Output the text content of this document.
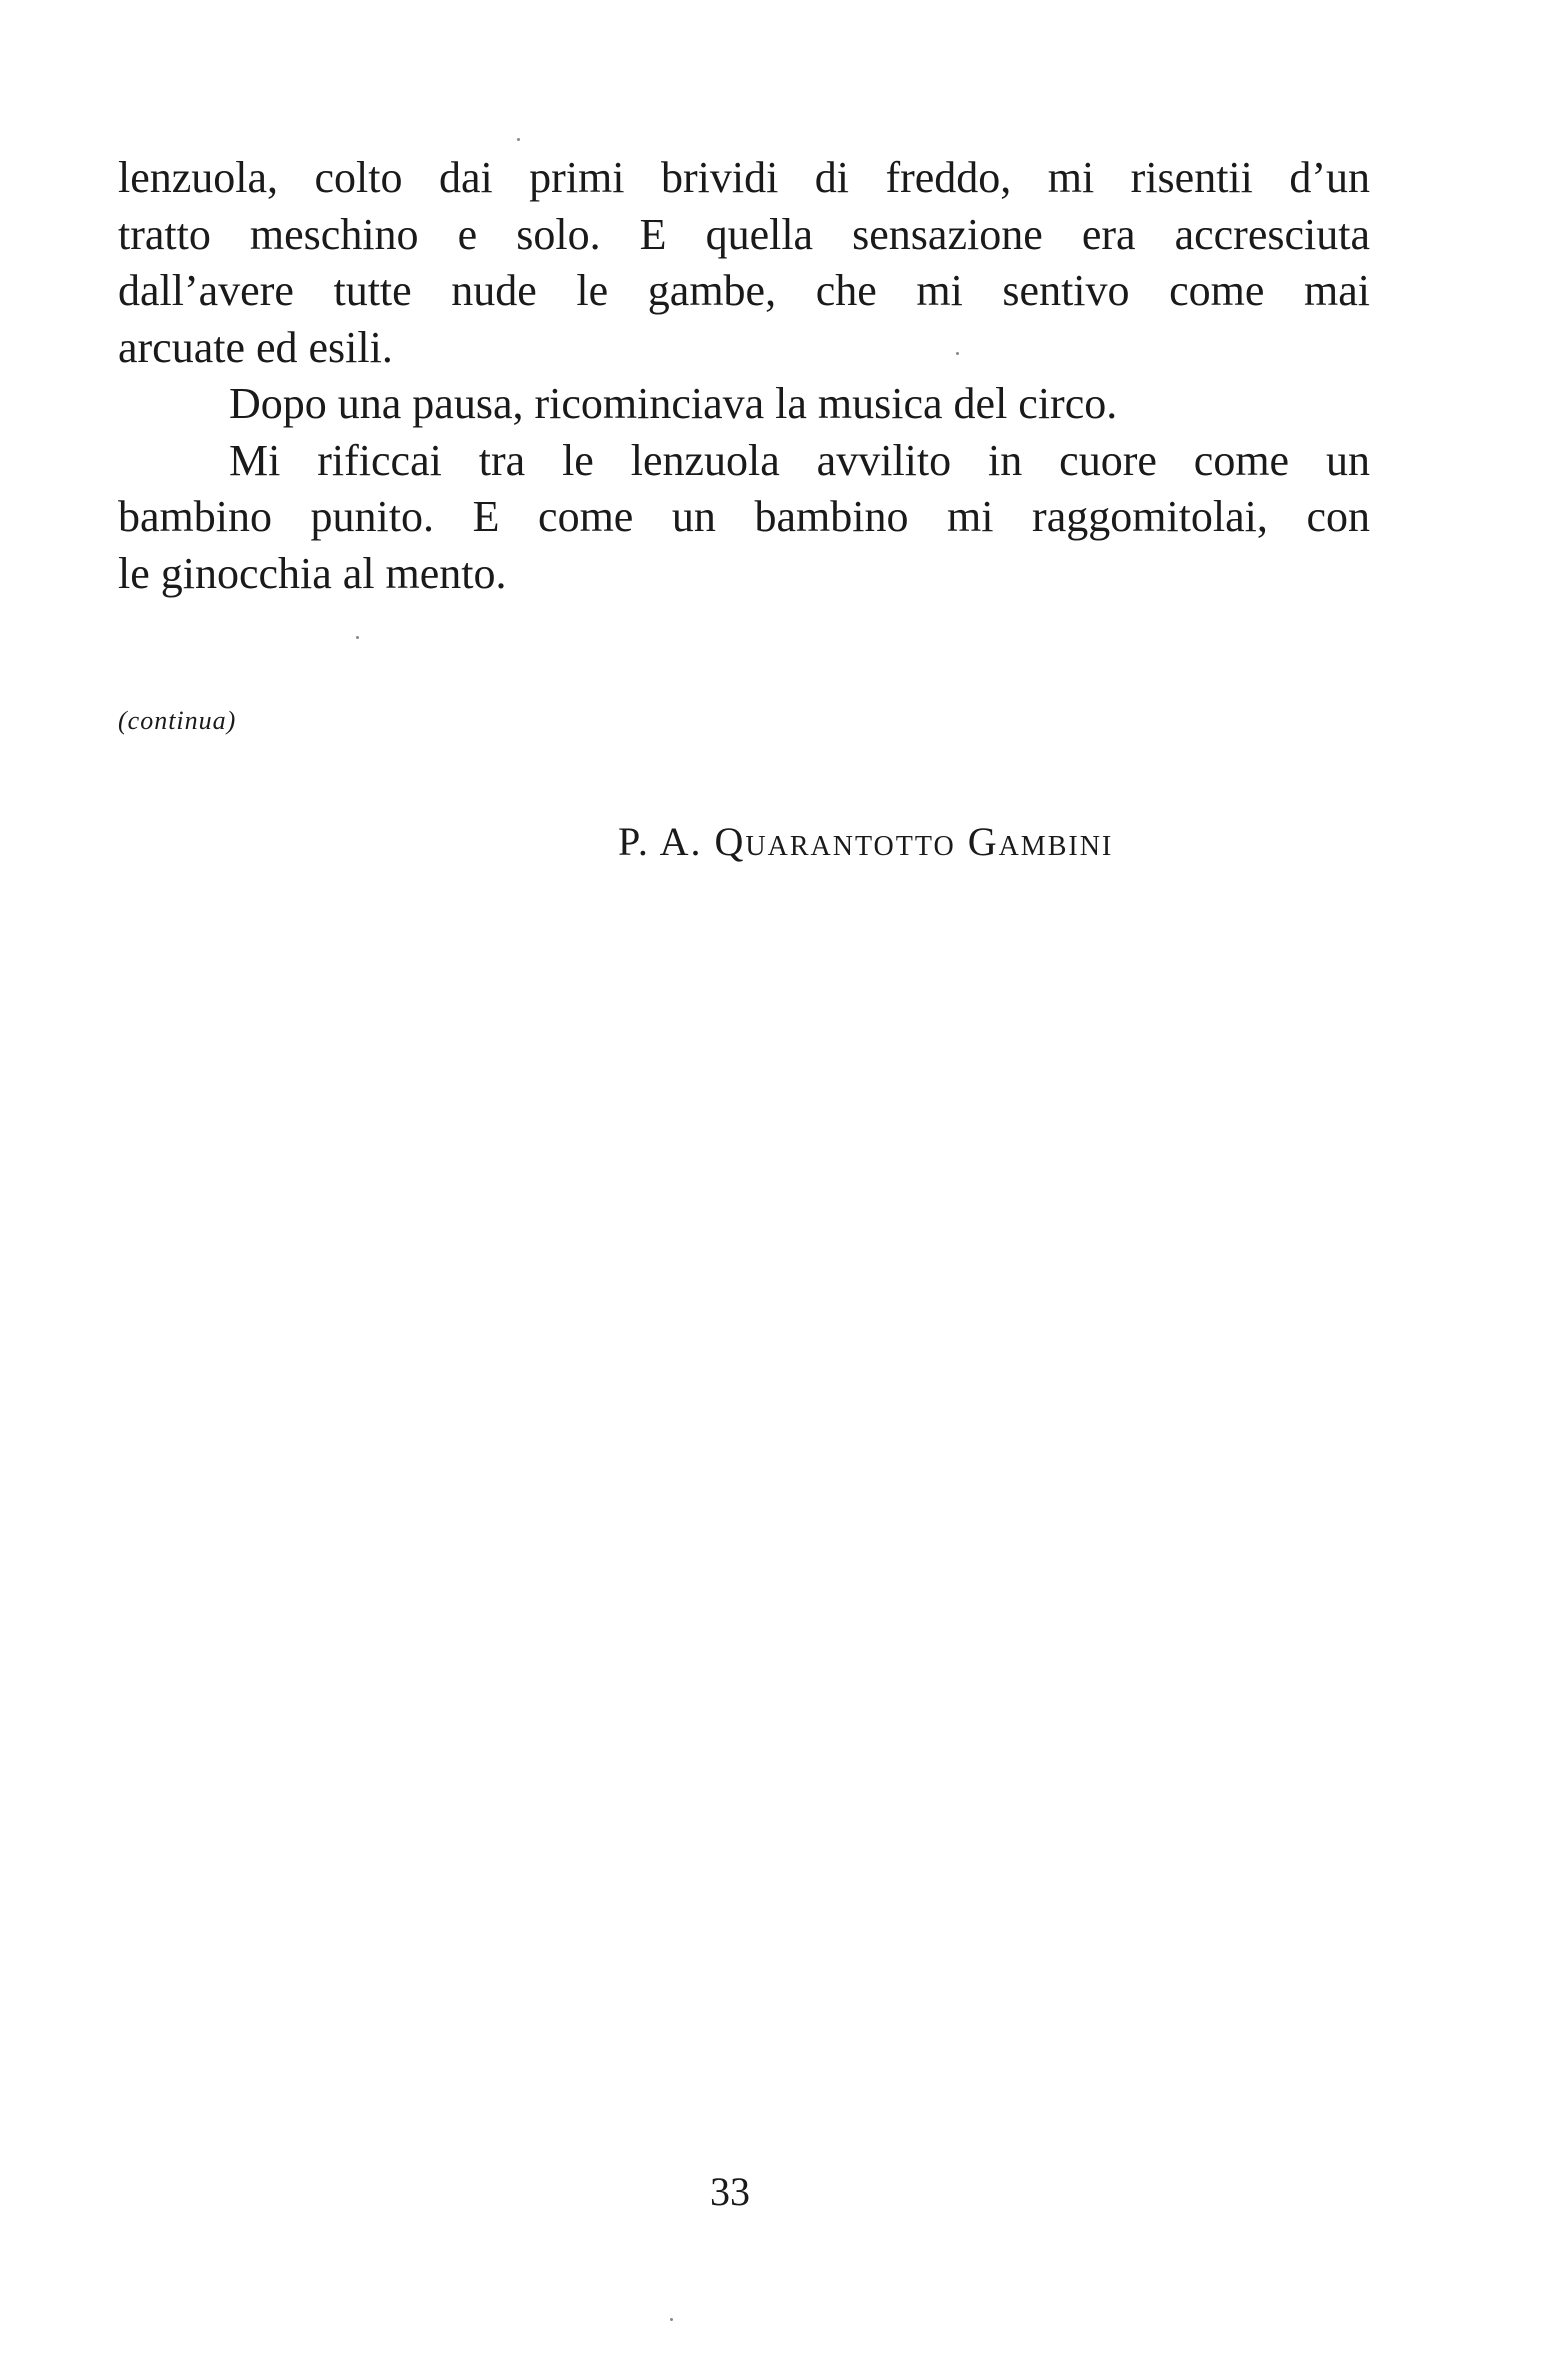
lenzuola, colto dai primi brividi di freddo, mi risentii d’un
tratto meschino e solo. E quella sensazione era accresciuta
dall’avere tutte nude le gambe, che mi sentivo come mai
arcuate ed esili.
Dopo una pausa, ricominciava la musica del circo.
Mi rificcai tra le lenzuola avvilito in cuore come un
bambino punito. E come un bambino mi raggomitolai, con
le ginocchia al mento.
(continua)
P. A. Quarantotto Gambini
33
